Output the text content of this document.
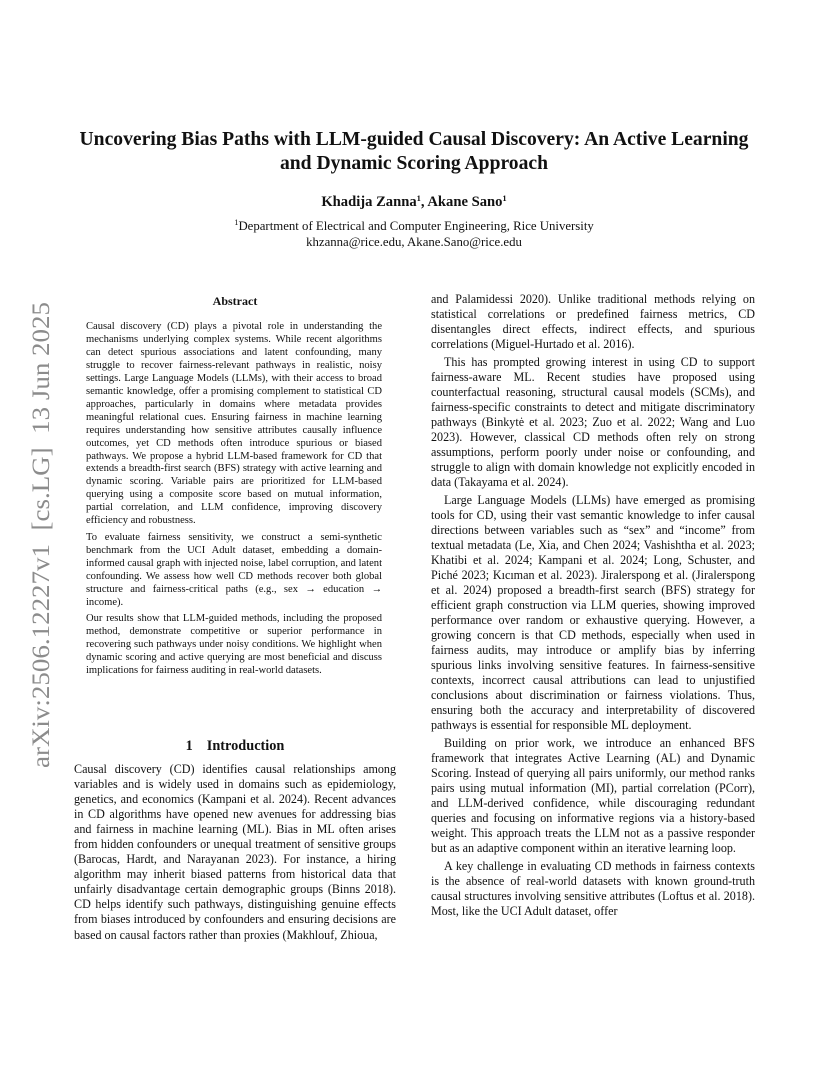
arXiv:2506.12227v1  [cs.LG]  13 Jun 2025
Uncovering Bias Paths with LLM-guided Causal Discovery: An Active Learning
and Dynamic Scoring Approach
Khadija Zanna$^1$, Akane Sano$^1$
$^1$Department of Electrical and Computer Engineering, Rice University
khzanna@rice.edu, Akane.Sano@rice.edu
Abstract

Causal discovery (CD) plays a pivotal role in understanding the mechanisms underlying complex systems. While recent algorithms can detect spurious associations and latent confounding, many struggle to recover fairness-relevant pathways in realistic, noisy settings. Large Language Models (LLMs), with their access to broad semantic knowledge, offer a promising complement to statistical CD approaches, particularly in domains where metadata provides meaningful relational cues. Ensuring fairness in machine learning requires understanding how sensitive attributes causally influence outcomes, yet CD methods often introduce spurious or biased pathways. We propose a hybrid LLM-based framework for CD that extends a breadth-first search (BFS) strategy with active learning and dynamic scoring. Variable pairs are prioritized for LLM-based querying using a composite score based on mutual information, partial correlation, and LLM confidence, improving discovery efficiency and robustness.

To evaluate fairness sensitivity, we construct a semi-synthetic benchmark from the UCI Adult dataset, embedding a domain-informed causal graph with injected noise, label corruption, and latent confounding. We assess how well CD methods recover both global structure and fairness-critical paths (e.g., sex → education → income).

Our results show that LLM-guided methods, including the proposed method, demonstrate competitive or superior performance in recovering such pathways under noisy conditions. We highlight when dynamic scoring and active querying are most beneficial and discuss implications for fairness auditing in real-world datasets.

1 Introduction

Causal discovery (CD) identifies causal relationships among variables and is widely used in domains such as epidemiology, genetics, and economics (Kampani et al. 2024). Recent advances in CD algorithms have opened new avenues for addressing bias and fairness in machine learning (ML). Bias in ML often arises from hidden confounders or unequal treatment of sensitive groups (Barocas, Hardt, and Narayanan 2023). For instance, a hiring algorithm may inherit biased patterns from historical data that unfairly disadvantage certain demographic groups (Binns 2018). CD helps identify such pathways, distinguishing genuine effects from biases introduced by confounders and ensuring decisions are based on causal factors rather than proxies (Makhlouf, Zhioua,

and Palamidessi 2020). Unlike traditional methods relying on statistical correlations or predefined fairness metrics, CD disentangles direct effects, indirect effects, and spurious correlations (Miguel-Hurtado et al. 2016).

This has prompted growing interest in using CD to support fairness-aware ML. Recent studies have proposed using counterfactual reasoning, structural causal models (SCMs), and fairness-specific constraints to detect and mitigate discriminatory pathways (Binkytė et al. 2023; Zuo et al. 2022; Wang and Luo 2023). However, classical CD methods often rely on strong assumptions, perform poorly under noise or confounding, and struggle to align with domain knowledge not explicitly encoded in data (Takayama et al. 2024).

Large Language Models (LLMs) have emerged as promising tools for CD, using their vast semantic knowledge to infer causal directions between variables such as “sex” and “income” from textual metadata (Le, Xia, and Chen 2024; Vashishtha et al. 2023; Khatibi et al. 2024; Kampani et al. 2024; Long, Schuster, and Piché 2023; Kıcıman et al. 2023). Jiralerspong et al. (Jiralerspong et al. 2024) proposed a breadth-first search (BFS) strategy for efficient graph construction via LLM queries, showing improved performance over random or exhaustive querying. However, a growing concern is that CD methods, especially when used in fairness audits, may introduce or amplify bias by inferring spurious links involving sensitive features. In fairness-sensitive contexts, incorrect causal attributions can lead to unjustified conclusions about discrimination or fairness violations. Thus, ensuring both the accuracy and interpretability of discovered pathways is essential for responsible ML deployment.

Building on prior work, we introduce an enhanced BFS framework that integrates Active Learning (AL) and Dynamic Scoring. Instead of querying all pairs uniformly, our method ranks pairs using mutual information (MI), partial correlation (PCorr), and LLM-derived confidence, while discouraging redundant queries and focusing on informative regions via a history-based weight. This approach treats the LLM not as a passive responder but as an adaptive component within an iterative learning loop.

A key challenge in evaluating CD methods in fairness contexts is the absence of real-world datasets with known ground-truth causal structures involving sensitive attributes (Loftus et al. 2018). Most, like the UCI Adult dataset, offer
